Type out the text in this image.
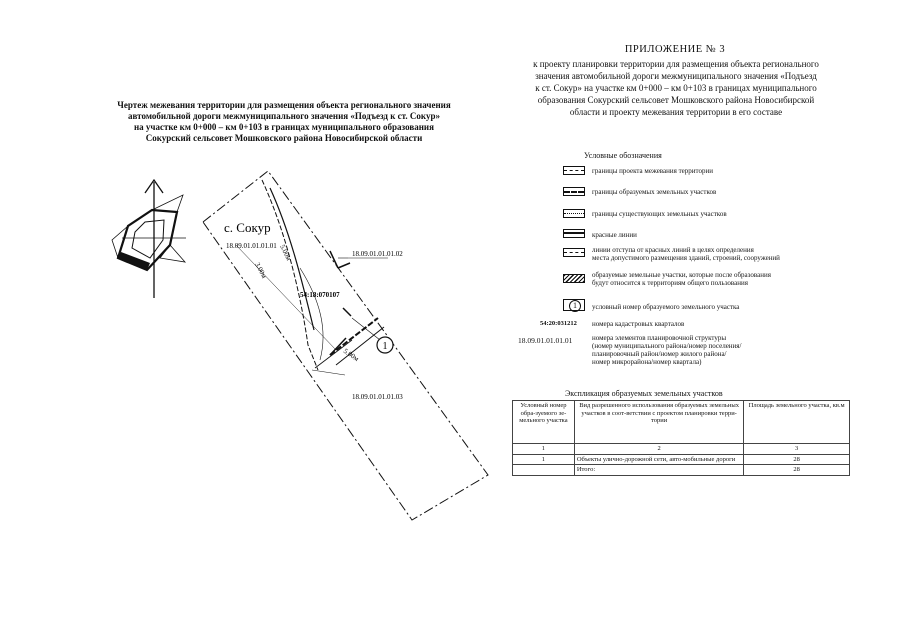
ПРИЛОЖЕНИЕ № 3
к проекту планировки территории для размещения объекта регионального
значения автомобильной дороги межмуниципального значения «Подъезд
к ст. Сокур» на участке км 0+000 – км 0+103 в границах муниципального
образования Сокурский сельсовет Мошковского района Новосибирской
области и проекту межевания территории в его составе
Чертеж межевания территории для размещения объекта регионального значения
автомобильной дороги межмуниципального значения «Подъезд к ст. Сокур»
на участке км 0+000 – км 0+103 в границах муниципального образования
Сокурский сельсовет Мошковского района Новосибирской области
1
с. Сокур
18.09.01.01.01.01
18.09.01.01.01.02
18.09.01.01.01.03
54:18:070107
5.00м
3.00м
5.00м
Условные обозначения
границы проекта межевания территории
границы образуемых земельных участков
границы существующих земельных участков
красные линии
линии отступа от красных линий в целях определения
места допустимого размещения зданий, строений, сооружений
образуемые земельные участки, которые после образования
будут относится к территориям общего пользования
1	условный номер образуемого земельного участка
54:20:031212 номера кадастровых кварталов
18.09.01.01.01.01	номера элементов планировочной структуры
(номер муниципального района/номер поселения/
планировочный район/номер жилого района/
номер микрорайона/номер квартала)
Экспликация образуемых земельных участков
Условный номер обра-зуемого зе-мельного участка	Вид разрешенного использования образуемых земельных участков в соот-ветствии с проектом планировки терри-тории	Площадь земельного участка, кв.м
1	2	3
1	Объекты улично-дорожной сети, авто-мобильные дороги	28
	Итого:	28
